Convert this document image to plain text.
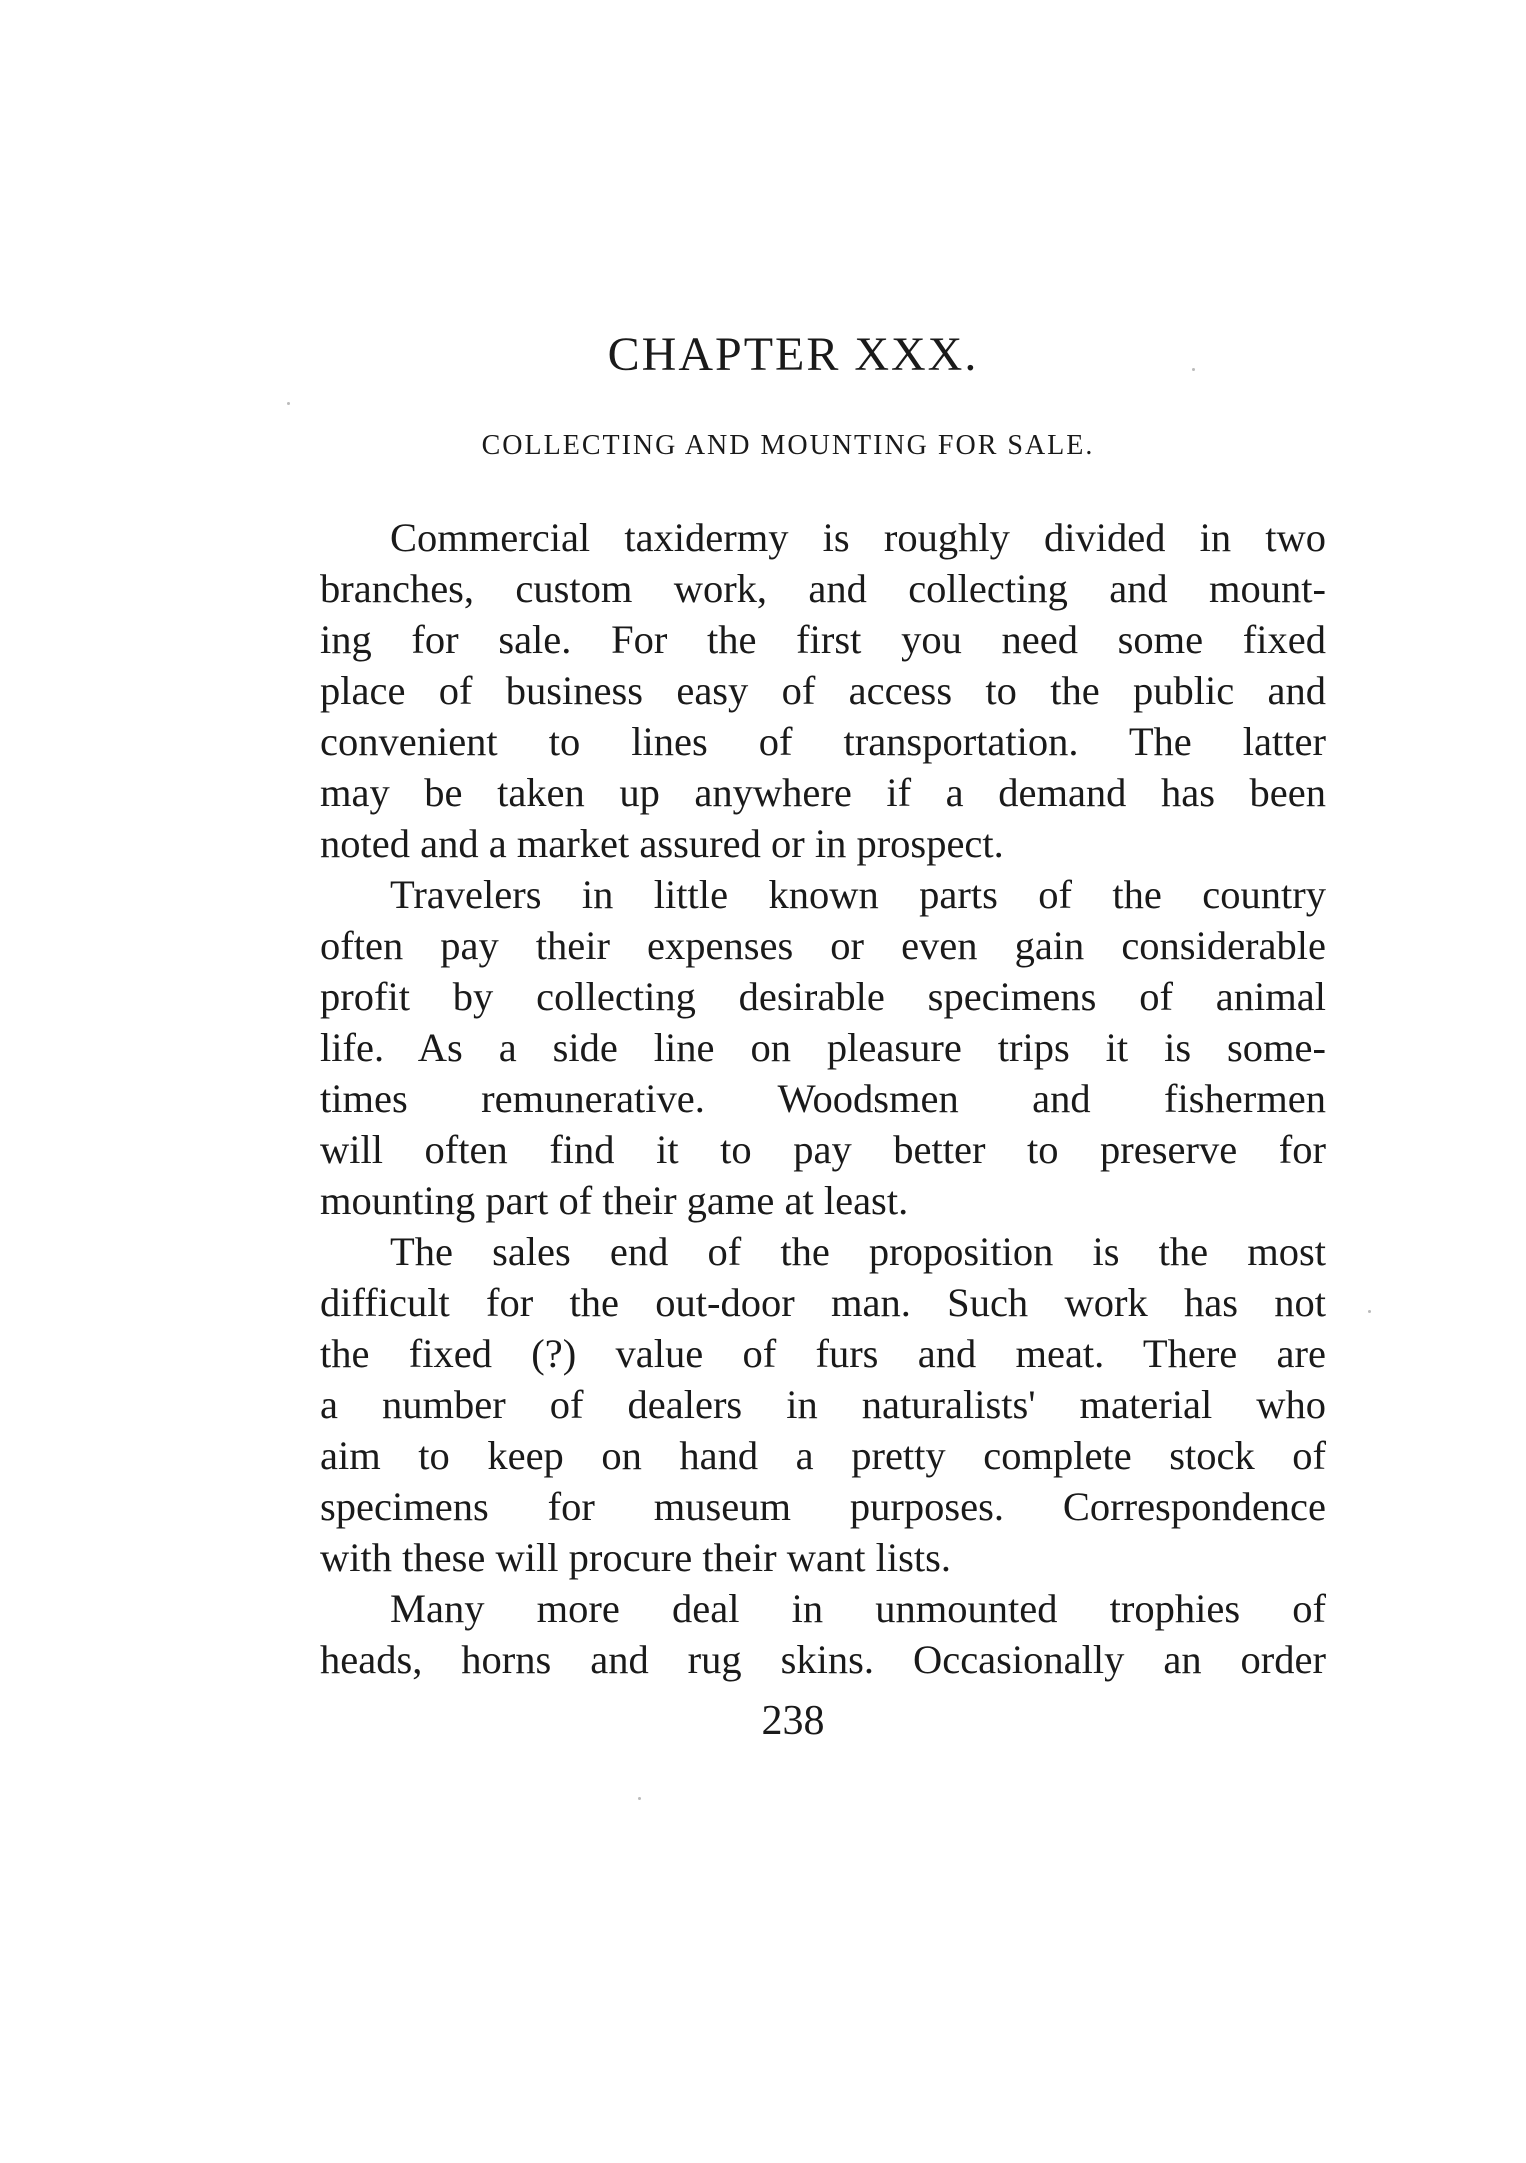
CHAPTER XXX.
COLLECTING AND MOUNTING FOR SALE.

Commercial taxidermy is roughly divided in two
branches, custom work, and collecting and mount-
ing for sale. For the first you need some fixed
place of business easy of access to the public and
convenient to lines of transportation. The latter
may be taken up anywhere if a demand has been
noted and a market assured or in prospect.

Travelers in little known parts of the country
often pay their expenses or even gain considerable
profit by collecting desirable specimens of animal
life. As a side line on pleasure trips it is some-
times remunerative. Woodsmen and fishermen
will often find it to pay better to preserve for
mounting part of their game at least.

The sales end of the proposition is the most
difficult for the out-door man. Such work has not
the fixed (?) value of furs and meat. There are
a number of dealers in naturalists' material who
aim to keep on hand a pretty complete stock of
specimens for museum purposes. Correspondence
with these will procure their want lists.

Many more deal in unmounted trophies of
heads, horns and rug skins. Occasionally an order

238
